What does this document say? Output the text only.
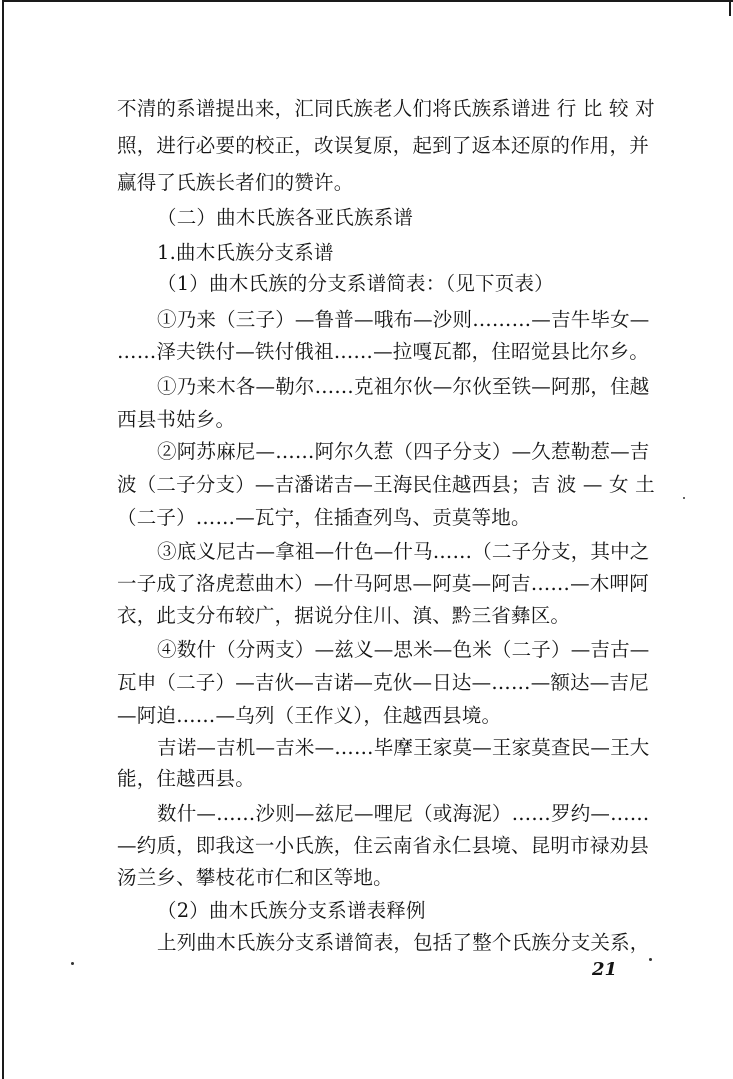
不清的系谱提出来，汇同氏族老人们将氏族系谱进 行 比 较 对
照，进行必要的校正，改误复原，起到了返本还原的作用，并
赢得了氏族长者们的赞许。
（二）曲木氏族各亚氏族系谱
1.曲木氏族分支系谱
（1）曲木氏族的分支系谱简表：（见下页表）
①乃来（三子）—鲁普—哦布—沙则………—吉牛毕女—
……泽夫铁付—铁付俄祖……—拉嘎瓦都，住昭觉县比尔乡。
①乃来木各—勒尔……克祖尔伙—尔伙至铁—阿那，住越
西县书姑乡。
②阿苏麻尼—……阿尔久惹（四子分支）—久惹勒惹—吉
波（二子分支）—吉潘诺吉—王海民住越西县；吉 波 — 女 土
（二子）……—瓦宁，住插查列鸟、贡莫等地。
③底义尼古—拿祖—什色—什马……（二子分支，其中之
一子成了洛虎惹曲木）—什马阿思—阿莫—阿吉……—木呷阿
衣，此支分布较广，据说分住川、滇、黔三省彝区。
④数什（分两支）—兹义—思米—色米（二子）—吉古—
瓦申（二子）—吉伙—吉诺—克伙—日达—……—额达—吉尼
—阿迫……—乌列（王作义），住越西县境。
吉诺—吉机—吉米—……毕摩王家莫—王家莫查民—王大
能，住越西县。
数什—……沙则—兹尼—哩尼（或海泥）……罗约—……
—约质，即我这一小氏族，住云南省永仁县境、昆明市禄劝县
汤兰乡、攀枝花市仁和区等地。
（2）曲木氏族分支系谱表释例
上列曲木氏族分支系谱简表，包括了整个氏族分支关系，
21
